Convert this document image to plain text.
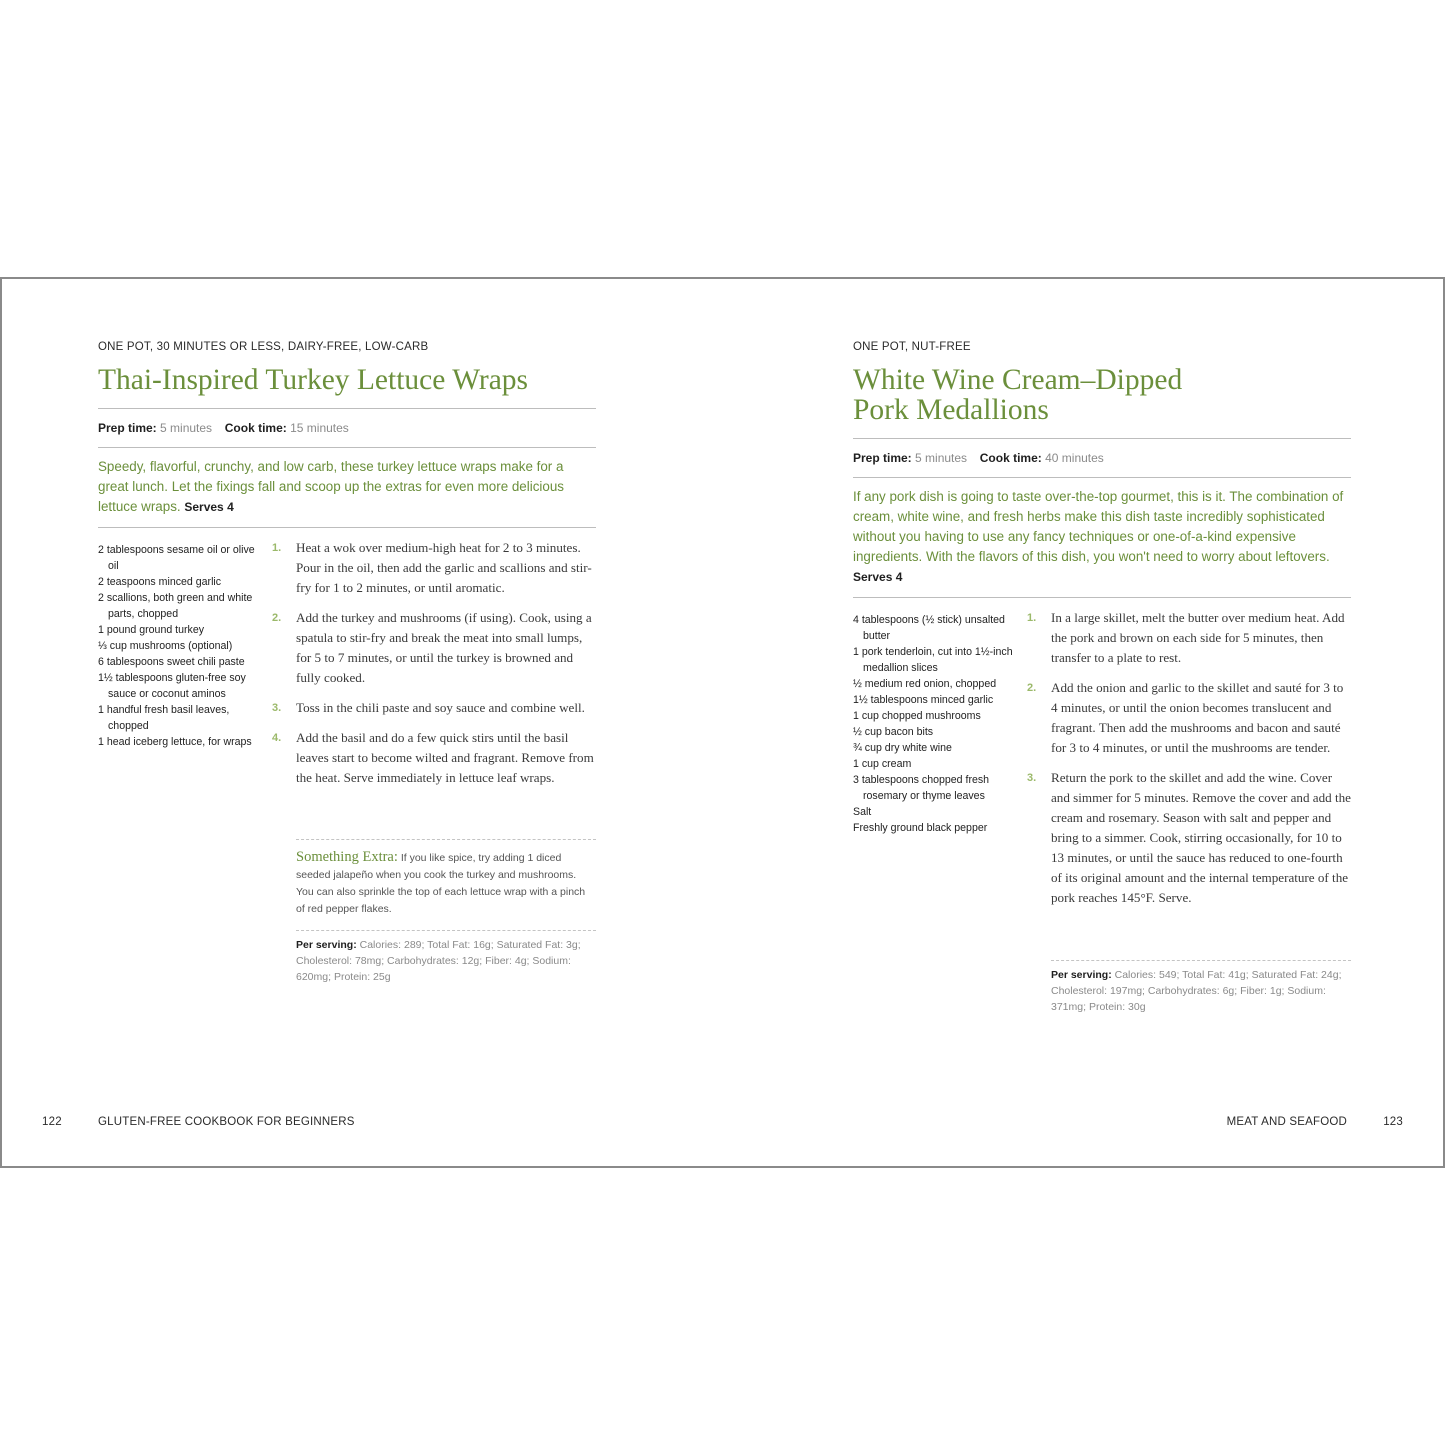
ONE POT, 30 MINUTES OR LESS, DAIRY-FREE, LOW-CARB
Thai-Inspired Turkey Lettuce Wraps
Prep time: 5 minutes Cook time: 15 minutes
Speedy, flavorful, crunchy, and low carb, these turkey lettuce wraps make for a great lunch. Let the fixings fall and scoop up the extras for even more delicious lettuce wraps. Serves 4
2 tablespoons sesame oil or olive oil
2 teaspoons minced garlic
2 scallions, both green and white parts, chopped
1 pound ground turkey
⅓ cup mushrooms (optional)
6 tablespoons sweet chili paste
1½ tablespoons gluten-free soy sauce or coconut aminos
1 handful fresh basil leaves, chopped
1 head iceberg lettuce, for wraps
1. Heat a wok over medium-high heat for 2 to 3 minutes. Pour in the oil, then add the garlic and scallions and stir-fry for 1 to 2 minutes, or until aromatic.
2. Add the turkey and mushrooms (if using). Cook, using a spatula to stir-fry and break the meat into small lumps, for 5 to 7 minutes, or until the turkey is browned and fully cooked.
3. Toss in the chili paste and soy sauce and combine well.
4. Add the basil and do a few quick stirs until the basil leaves start to become wilted and fragrant. Remove from the heat. Serve immediately in lettuce leaf wraps.
Something Extra: If you like spice, try adding 1 diced seeded jalapeño when you cook the turkey and mushrooms. You can also sprinkle the top of each lettuce wrap with a pinch of red pepper flakes.
Per serving: Calories: 289; Total Fat: 16g; Saturated Fat: 3g; Cholesterol: 78mg; Carbohydrates: 12g; Fiber: 4g; Sodium: 620mg; Protein: 25g
122	GLUTEN-FREE COOKBOOK FOR BEGINNERS
ONE POT, NUT-FREE
White Wine Cream–Dipped
Pork Medallions
Prep time: 5 minutes Cook time: 40 minutes
If any pork dish is going to taste over-the-top gourmet, this is it. The combination of cream, white wine, and fresh herbs make this dish taste incredibly sophisticated without you having to use any fancy techniques or one-of-a-kind expensive ingredients. With the flavors of this dish, you won't need to worry about leftovers. Serves 4
4 tablespoons (½ stick) unsalted butter
1 pork tenderloin, cut into 1½-inch medallion slices
½ medium red onion, chopped
1½ tablespoons minced garlic
1 cup chopped mushrooms
½ cup bacon bits
¾ cup dry white wine
1 cup cream
3 tablespoons chopped fresh rosemary or thyme leaves
Salt
Freshly ground black pepper
1. In a large skillet, melt the butter over medium heat. Add the pork and brown on each side for 5 minutes, then transfer to a plate to rest.
2. Add the onion and garlic to the skillet and sauté for 3 to 4 minutes, or until the onion becomes translucent and fragrant. Then add the mushrooms and bacon and sauté for 3 to 4 minutes, or until the mushrooms are tender.
3. Return the pork to the skillet and add the wine. Cover and simmer for 5 minutes. Remove the cover and add the cream and rosemary. Season with salt and pepper and bring to a simmer. Cook, stirring occasionally, for 10 to 13 minutes, or until the sauce has reduced to one-fourth of its original amount and the internal temperature of the pork reaches 145°F. Serve.
Per serving: Calories: 549; Total Fat: 41g; Saturated Fat: 24g; Cholesterol: 197mg; Carbohydrates: 6g; Fiber: 1g; Sodium: 371mg; Protein: 30g
MEAT AND SEAFOOD	123
